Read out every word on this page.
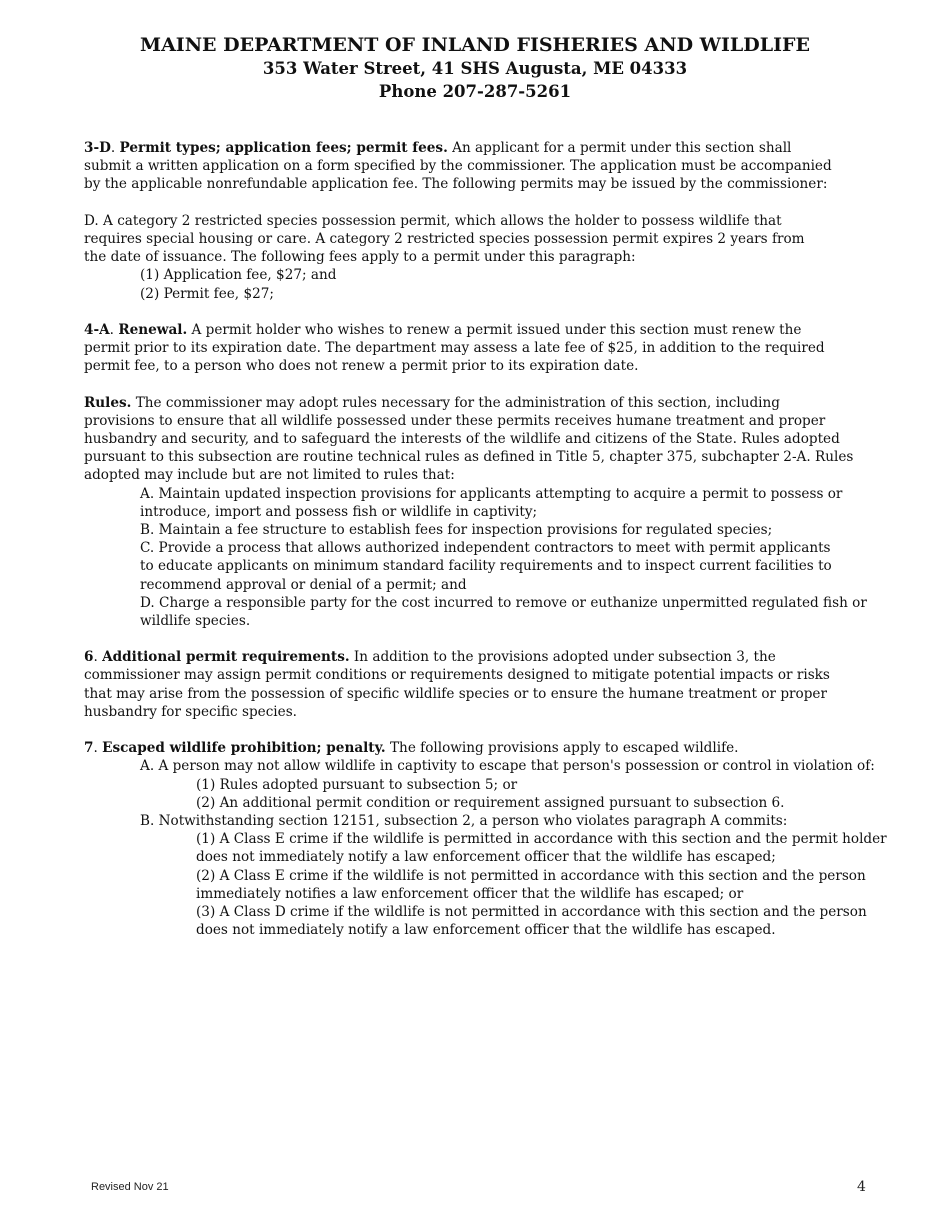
MAINE DEPARTMENT OF INLAND FISHERIES AND WILDLIFE
353 Water Street, 41 SHS Augusta, ME 04333
Phone 207-287-5261
3-D. Permit types; application fees; permit fees. An applicant for a permit under this section shall
submit a written application on a form specified by the commissioner. The application must be accompanied
by the applicable nonrefundable application fee. The following permits may be issued by the commissioner:
D. A category 2 restricted species possession permit, which allows the holder to possess wildlife that
requires special housing or care. A category 2 restricted species possession permit expires 2 years from
the date of issuance. The following fees apply to a permit under this paragraph:
(1) Application fee, $27; and
(2) Permit fee, $27;
4-A. Renewal. A permit holder who wishes to renew a permit issued under this section must renew the
permit prior to its expiration date. The department may assess a late fee of $25, in addition to the required
permit fee, to a person who does not renew a permit prior to its expiration date.
Rules. The commissioner may adopt rules necessary for the administration of this section, including
provisions to ensure that all wildlife possessed under these permits receives humane treatment and proper
husbandry and security, and to safeguard the interests of the wildlife and citizens of the State. Rules adopted
pursuant to this subsection are routine technical rules as defined in Title 5, chapter 375, subchapter 2-A. Rules
adopted may include but are not limited to rules that:
A. Maintain updated inspection provisions for applicants attempting to acquire a permit to possess or
introduce, import and possess fish or wildlife in captivity;
B. Maintain a fee structure to establish fees for inspection provisions for regulated species;
C. Provide a process that allows authorized independent contractors to meet with permit applicants
to educate applicants on minimum standard facility requirements and to inspect current facilities to
recommend approval or denial of a permit; and
D. Charge a responsible party for the cost incurred to remove or euthanize unpermitted regulated fish or
wildlife species.
6. Additional permit requirements. In addition to the provisions adopted under subsection 3, the
commissioner may assign permit conditions or requirements designed to mitigate potential impacts or risks
that may arise from the possession of specific wildlife species or to ensure the humane treatment or proper
husbandry for specific species.
7. Escaped wildlife prohibition; penalty. The following provisions apply to escaped wildlife.
A. A person may not allow wildlife in captivity to escape that person's possession or control in violation of:
(1) Rules adopted pursuant to subsection 5; or
(2) An additional permit condition or requirement assigned pursuant to subsection 6.
B. Notwithstanding section 12151, subsection 2, a person who violates paragraph A commits:
(1) A Class E crime if the wildlife is permitted in accordance with this section and the permit holder
does not immediately notify a law enforcement officer that the wildlife has escaped;
(2) A Class E crime if the wildlife is not permitted in accordance with this section and the person
immediately notifies a law enforcement officer that the wildlife has escaped; or
(3) A Class D crime if the wildlife is not permitted in accordance with this section and the person
does not immediately notify a law enforcement officer that the wildlife has escaped.
Revised Nov 21	4
